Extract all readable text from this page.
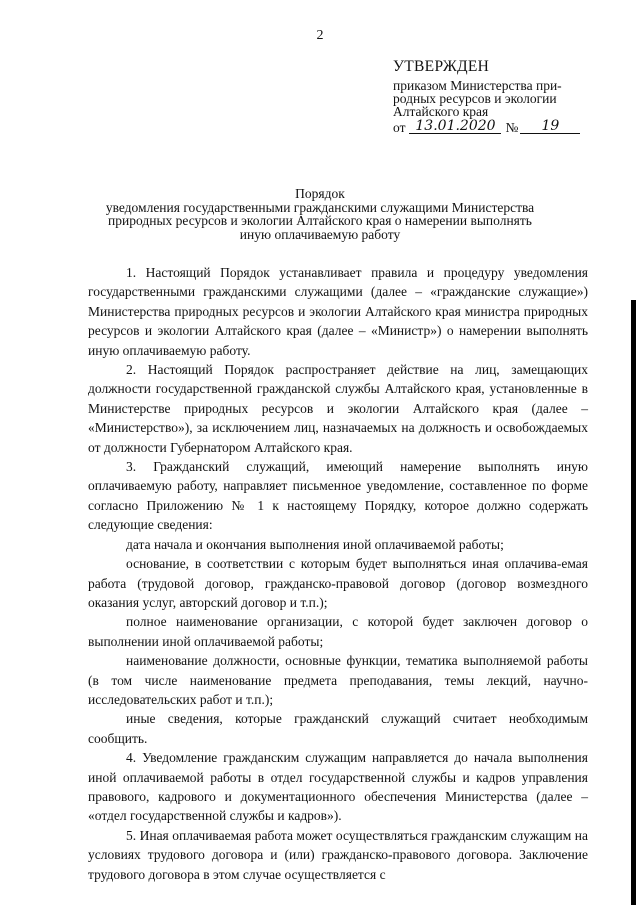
2
УТВЕРЖДЕН
приказом Министерства при-
родных ресурсов и экологии
Алтайского края
от 13.01.2020 №	19
Порядок
уведомления государственными гражданскими служащими Министерства
природных ресурсов и экологии Алтайского края о намерении выполнять
иную оплачиваемую работу

1. Настоящий Порядок устанавливает правила и процедуру уведомления государственными гражданскими служащими (далее – «гражданские служащие») Министерства природных ресурсов и экологии Алтайского края министра природных ресурсов и экологии Алтайского края (далее – «Министр») о намерении выполнять иную оплачиваемую работу.

2. Настоящий Порядок распространяет действие на лиц, замещающих должности государственной гражданской службы Алтайского края, установленные в Министерстве природных ресурсов и экологии Алтайского края (далее – «Министерство»), за исключением лиц, назначаемых на должность и освобождаемых от должности Губернатором Алтайского края.

3. Гражданский служащий, имеющий намерение выполнять иную оплачиваемую работу, направляет письменное уведомление, составленное по форме согласно Приложению № 1 к настоящему Порядку, которое должно содержать следующие сведения:

дата начала и окончания выполнения иной оплачиваемой работы;

основание, в соответствии с которым будет выполняться иная оплачива-емая работа (трудовой договор, гражданско-правовой договор (договор возмездного оказания услуг, авторский договор и т.п.);

полное наименование организации, с которой будет заключен договор о выполнении иной оплачиваемой работы;

наименование должности, основные функции, тематика выполняемой работы (в том числе наименование предмета преподавания, темы лекций, научно-исследовательских работ и т.п.);

иные сведения, которые гражданский служащий считает необходимым сообщить.

4. Уведомление гражданским служащим направляется до начала выполнения иной оплачиваемой работы в отдел государственной службы и кадров управления правового, кадрового и документационного обеспечения Министерства (далее – «отдел государственной службы и кадров»).

5. Иная оплачиваемая работа может осуществляться гражданским служащим на условиях трудового договора и (или) гражданско-правового договора. Заключение трудового договора в этом случае осуществляется с
